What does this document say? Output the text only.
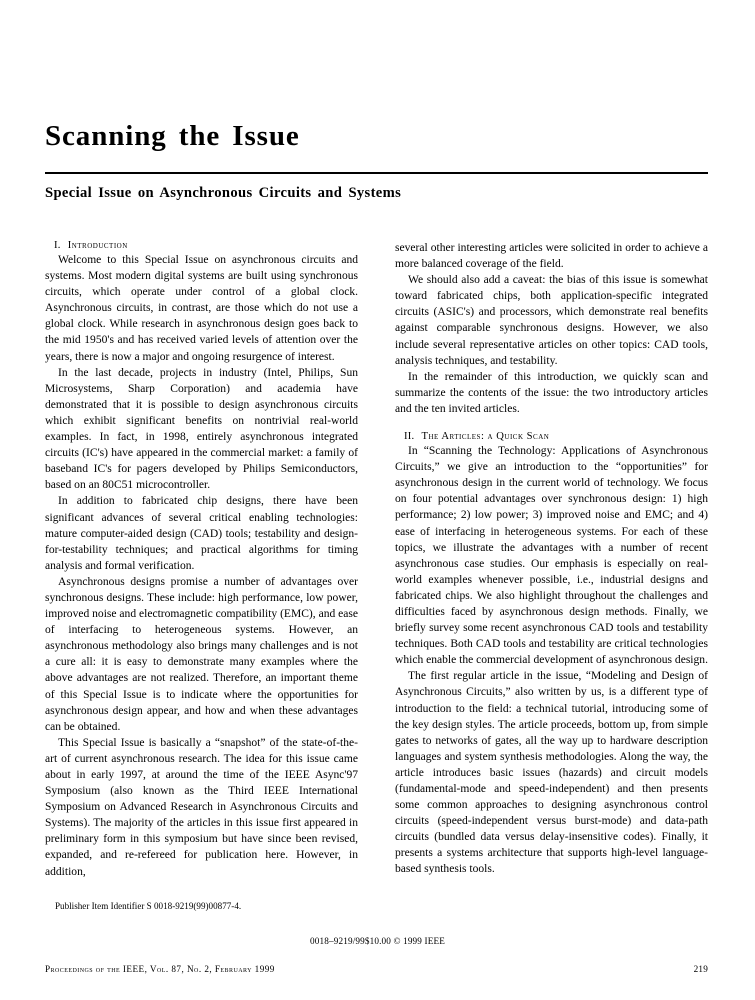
Scanning the Issue
Special Issue on Asynchronous Circuits and Systems
I. Introduction

Welcome to this Special Issue on asynchronous circuits and systems. Most modern digital systems are built using synchronous circuits, which operate under control of a global clock. Asynchronous circuits, in contrast, are those which do not use a global clock. While research in asynchronous design goes back to the mid 1950's and has received varied levels of attention over the years, there is now a major and ongoing resurgence of interest.

In the last decade, projects in industry (Intel, Philips, Sun Microsystems, Sharp Corporation) and academia have demonstrated that it is possible to design asynchronous circuits which exhibit significant benefits on nontrivial real-world examples. In fact, in 1998, entirely asynchronous integrated circuits (IC's) have appeared in the commercial market: a family of baseband IC's for pagers developed by Philips Semiconductors, based on an 80C51 microcontroller.

In addition to fabricated chip designs, there have been significant advances of several critical enabling technologies: mature computer-aided design (CAD) tools; testability and design-for-testability techniques; and practical algorithms for timing analysis and formal verification.

Asynchronous designs promise a number of advantages over synchronous designs. These include: high performance, low power, improved noise and electromagnetic compatibility (EMC), and ease of interfacing to heterogeneous systems. However, an asynchronous methodology also brings many challenges and is not a cure all: it is easy to demonstrate many examples where the above advantages are not realized. Therefore, an important theme of this Special Issue is to indicate where the opportunities for asynchronous design appear, and how and when these advantages can be obtained.

This Special Issue is basically a “snapshot” of the state-of-the-art of current asynchronous research. The idea for this issue came about in early 1997, at around the time of the IEEE Async'97 Symposium (also known as the Third IEEE International Symposium on Advanced Research in Asynchronous Circuits and Systems). The majority of the articles in this issue first appeared in preliminary form in this symposium but have since been revised, expanded, and re-refereed for publication here. However, in addition,

several other interesting articles were solicited in order to achieve a more balanced coverage of the field.

We should also add a caveat: the bias of this issue is somewhat toward fabricated chips, both application-specific integrated circuits (ASIC's) and processors, which demonstrate real benefits against comparable synchronous designs. However, we also include several representative articles on other topics: CAD tools, analysis techniques, and testability.

In the remainder of this introduction, we quickly scan and summarize the contents of the issue: the two introductory articles and the ten invited articles.

II. The Articles: a Quick Scan

In “Scanning the Technology: Applications of Asynchronous Circuits,” we give an introduction to the “opportunities” for asynchronous design in the current world of technology. We focus on four potential advantages over synchronous design: 1) high performance; 2) low power; 3) improved noise and EMC; and 4) ease of interfacing in heterogeneous systems. For each of these topics, we illustrate the advantages with a number of recent asynchronous case studies. Our emphasis is especially on real-world examples whenever possible, i.e., industrial designs and fabricated chips. We also highlight throughout the challenges and difficulties faced by asynchronous design methods. Finally, we briefly survey some recent asynchronous CAD tools and testability techniques. Both CAD tools and testability are critical technologies which enable the commercial development of asynchronous design.

The first regular article in the issue, “Modeling and Design of Asynchronous Circuits,” also written by us, is a different type of introduction to the field: a technical tutorial, introducing some of the key design styles. The article proceeds, bottom up, from simple gates to networks of gates, all the way up to hardware description languages and system synthesis methodologies. Along the way, the article introduces basic issues (hazards) and circuit models (fundamental-mode and speed-independent) and then presents some common approaches to designing asynchronous control circuits (speed-independent versus burst-mode) and data-path circuits (bundled data versus delay-insensitive codes). Finally, it presents a systems architecture that supports high-level language-based synthesis tools.

Publisher Item Identifier S 0018-9219(99)00877-4.

0018–9219/99$10.00 © 1999 IEEE
Proceedings of the IEEE, Vol. 87, No. 2, February 1999	219
